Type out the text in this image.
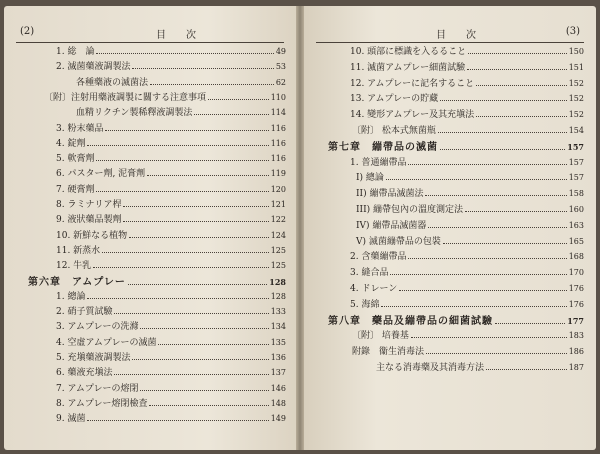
(2)	目　　次
1. 総　論	49
2. 滅菌藥液調製法	53
各種藥液の滅菌法	62
〔附〕注射用藥液調製に關する注意事項	110
血精リクチン製稀釋液調製法	114
3. 粉末藥品	116
4. 錠劑	116
5. 軟膏劑	116
6. パスター劑, 泥膏劑	119
7. 硬膏劑	120
8. ラミナリア桿	121
9. 液狀藥品製劑	122
10. 新鮮なる植物	124
11. 新蒸水	125
12. 牛乳	125
第六章　アムプレー	128
1. 總論	128
2. 硝子質試驗	133
3. アムプレーの洗滌	134
4. 空虛アムプレーの滅菌	135
5. 充塡藥液調製法	136
6. 藥液充塡法	137
7. アムプレーの熔閉	146
8. アムプレー熔閉檢査	148
9. 滅菌	149
目　　次	(3)
10. 頭部に標識を入るること	150
11. 滅菌アムプレー細菌試驗	151
12. アムプレーに記名すること	152
13. アムプレーの貯藏	152
14. 變形アムプレー及其充塡法	152
〔附〕 松本式無菌瓶	154
第七章　繃帶品の滅菌	157
1. 普通繃帶品	157
I) 總論	157
II) 繃帶品滅菌法	158
III) 繃帶包內の溫度測定法	160
IV) 繃帶品滅菌器	163
V) 滅菌繃帶品の包裝	165
2. 含藥繃帶品	168
3. 縫合品	170
4. ドレーン	176
5. 海綿	176
第八章　藥品及繃帶品の細菌試驗	177
〔附〕 培養基	183
附錄　衞生消毒法	186
主なる消毒藥及其消毒方法	187
